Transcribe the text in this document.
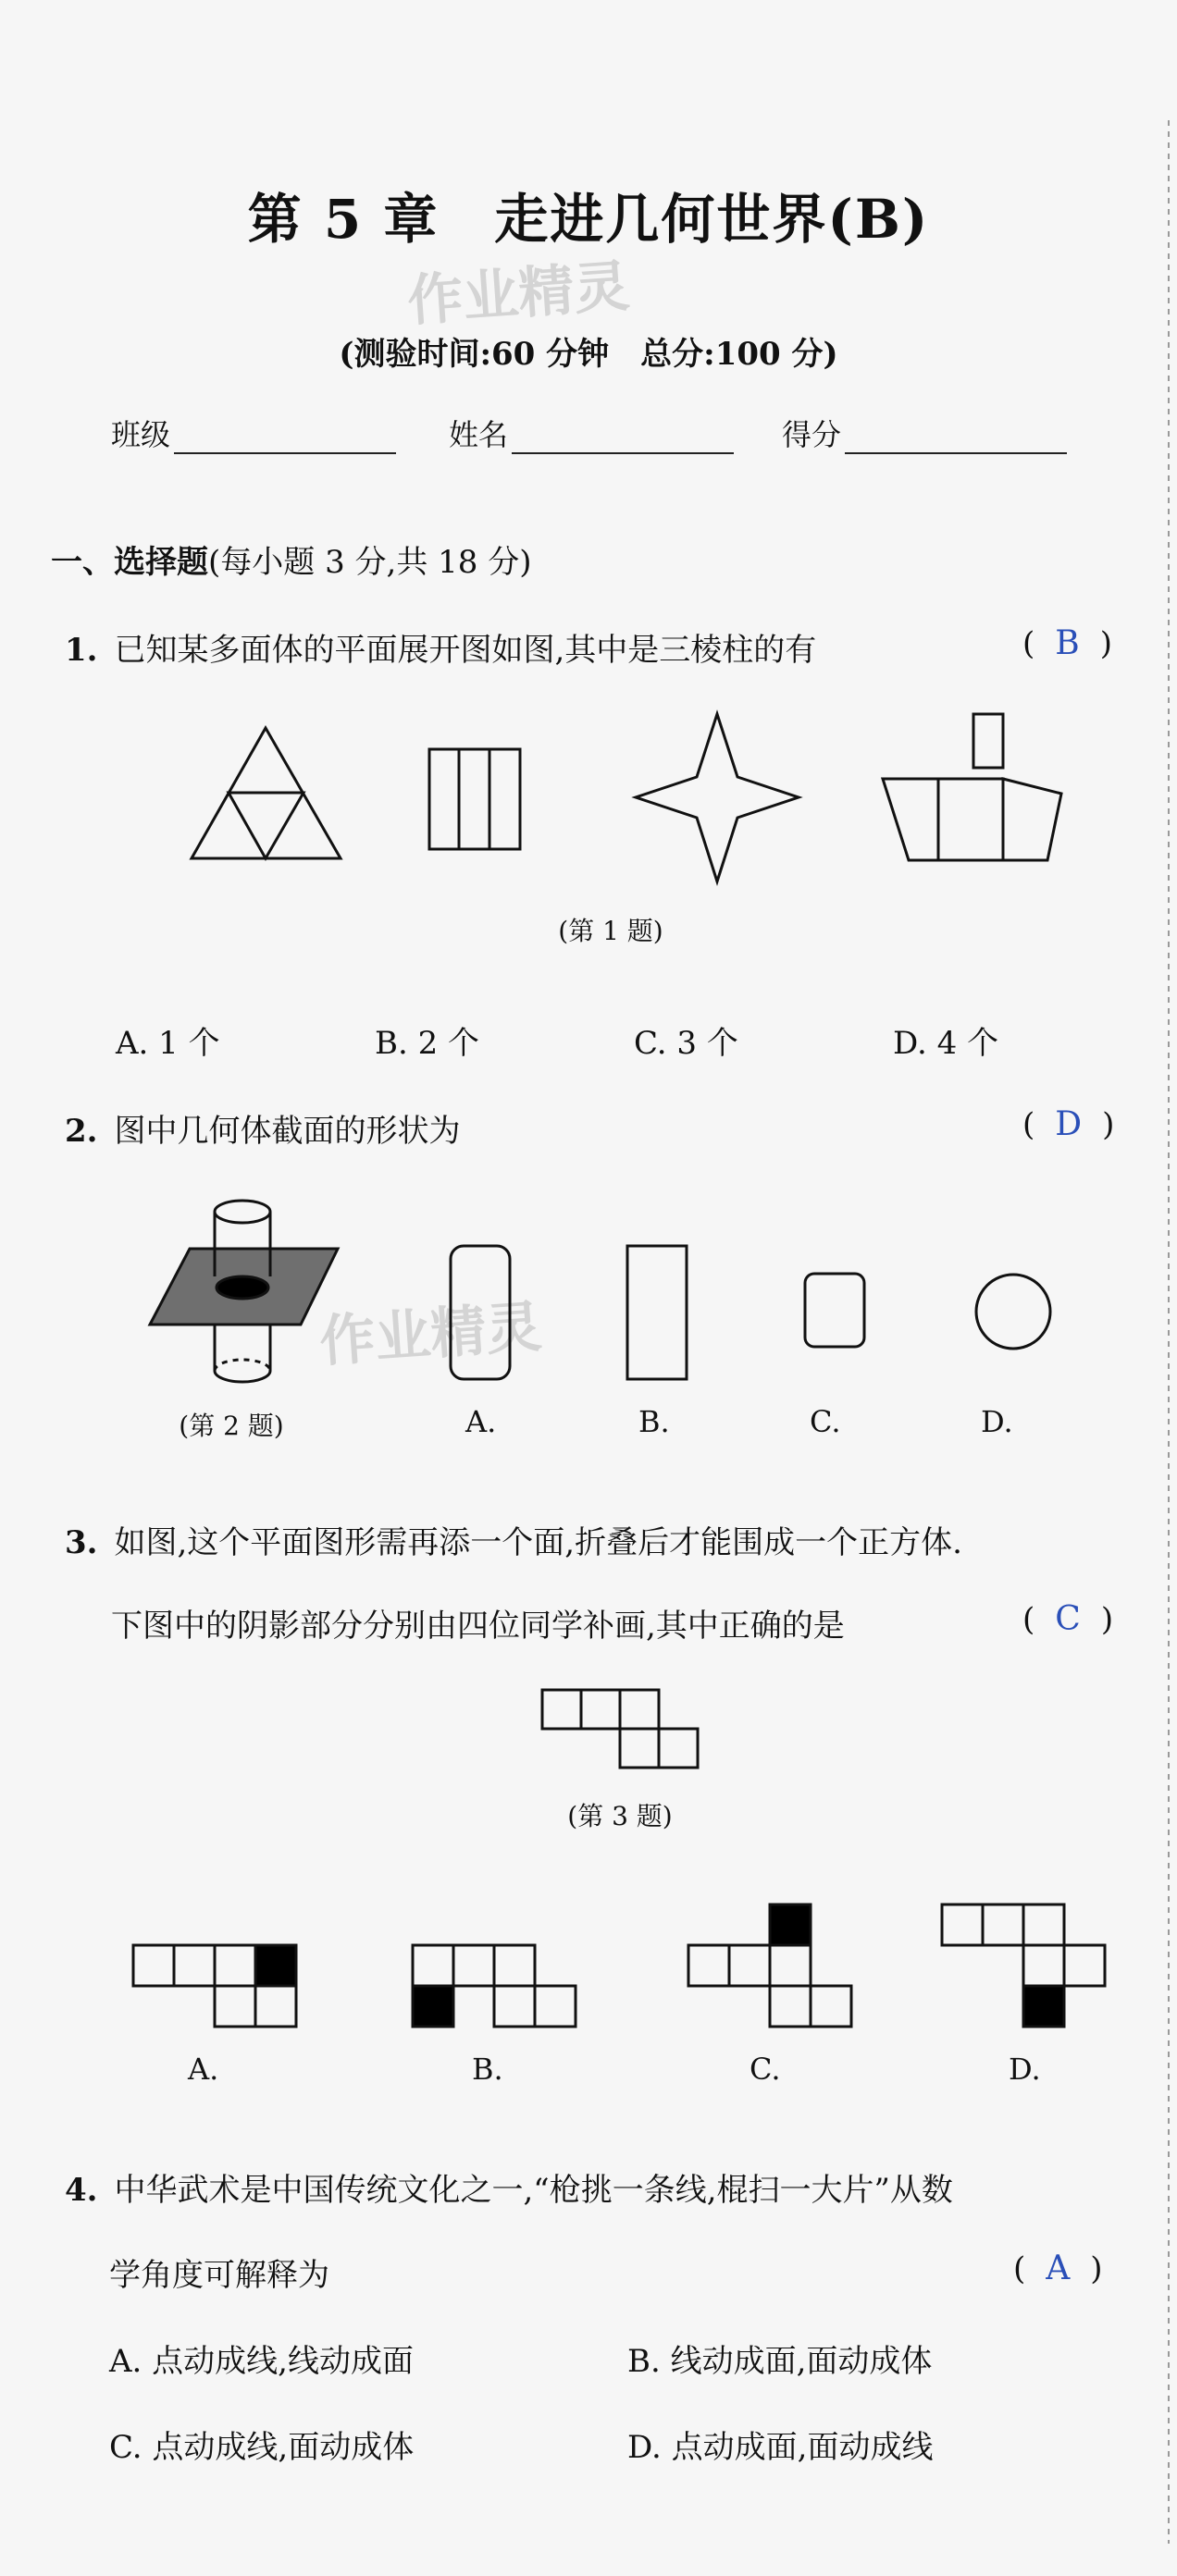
第 5 章　走进几何世界(B)
作业精灵
(测验时间:60 分钟　总分:100 分)
班级	姓名	得分
一、选择题(每小题 3 分,共 18 分)
1. 已知某多面体的平面展开图如图,其中是三棱柱的有	( B )
(第 1 题)
A. 1 个	B. 2 个	C. 3 个	D. 4 个
2. 图中几何体截面的形状为	( D )
作业精灵
(第 2 题)	A.	B.	C.	D.
3. 如图,这个平面图形需再添一个面,折叠后才能围成一个正方体.
下图中的阴影部分分别由四位同学补画,其中正确的是	( C )
(第 3 题)
A.	B.	C.	D.
4. 中华武术是中国传统文化之一,“枪挑一条线,棍扫一大片”从数
学角度可解释为	( A )
A. 点动成线,线动成面	B. 线动成面,面动成体
C. 点动成线,面动成体	D. 点动成面,面动成线
